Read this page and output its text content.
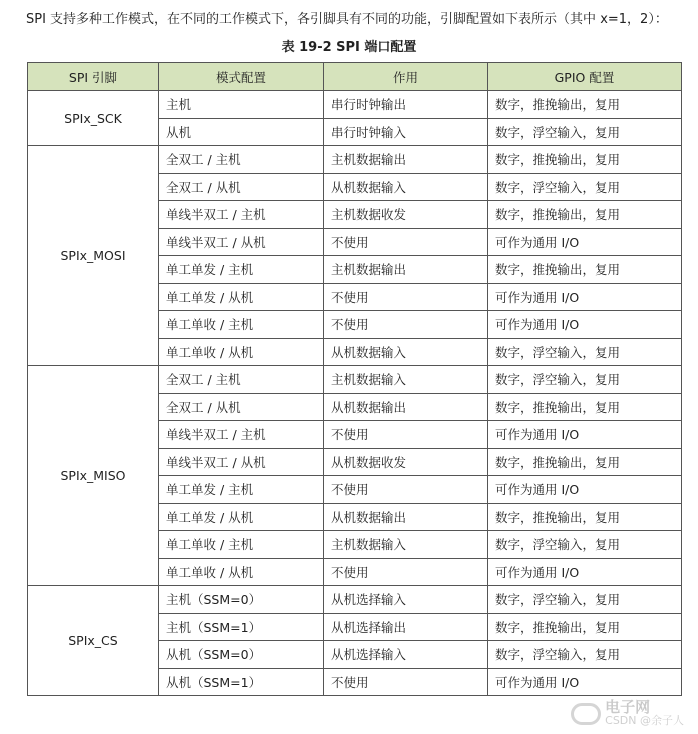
SPI 支持多种工作模式，在不同的工作模式下，各引脚具有不同的功能，引脚配置如下表所示（其中 x=1，2）：
表 19-2 SPI 端口配置
SPI 引脚	模式配置	作用	GPIO 配置
SPIx_SCK	主机	串行时钟输出	数字，推挽输出，复用
	从机	串行时钟输入	数字，浮空输入，复用
SPIx_MOSI	全双工 / 主机	主机数据输出	数字，推挽输出，复用
	全双工 / 从机	从机数据输入	数字，浮空输入，复用
	单线半双工 / 主机	主机数据收发	数字，推挽输出，复用
	单线半双工 / 从机	不使用	可作为通用 I/O
	单工单发 / 主机	主机数据输出	数字，推挽输出，复用
	单工单发 / 从机	不使用	可作为通用 I/O
	单工单收 / 主机	不使用	可作为通用 I/O
	单工单收 / 从机	从机数据输入	数字，浮空输入，复用
SPIx_MISO	全双工 / 主机	主机数据输入	数字，浮空输入，复用
	全双工 / 从机	从机数据输出	数字，推挽输出，复用
	单线半双工 / 主机	不使用	可作为通用 I/O
	单线半双工 / 从机	从机数据收发	数字，推挽输出，复用
	单工单发 / 主机	不使用	可作为通用 I/O
	单工单发 / 从机	从机数据输出	数字，推挽输出，复用
	单工单收 / 主机	主机数据输入	数字，浮空输入，复用
	单工单收 / 从机	不使用	可作为通用 I/O
SPIx_CS	主机（SSM=0）	从机选择输入	数字，浮空输入，复用
	主机（SSM=1）	从机选择输出	数字，推挽输出，复用
	从机（SSM=0）	从机选择输入	数字，浮空输入，复用
	从机（SSM=1）	不使用	可作为通用 I/O
电子网
CSDN @余子人
